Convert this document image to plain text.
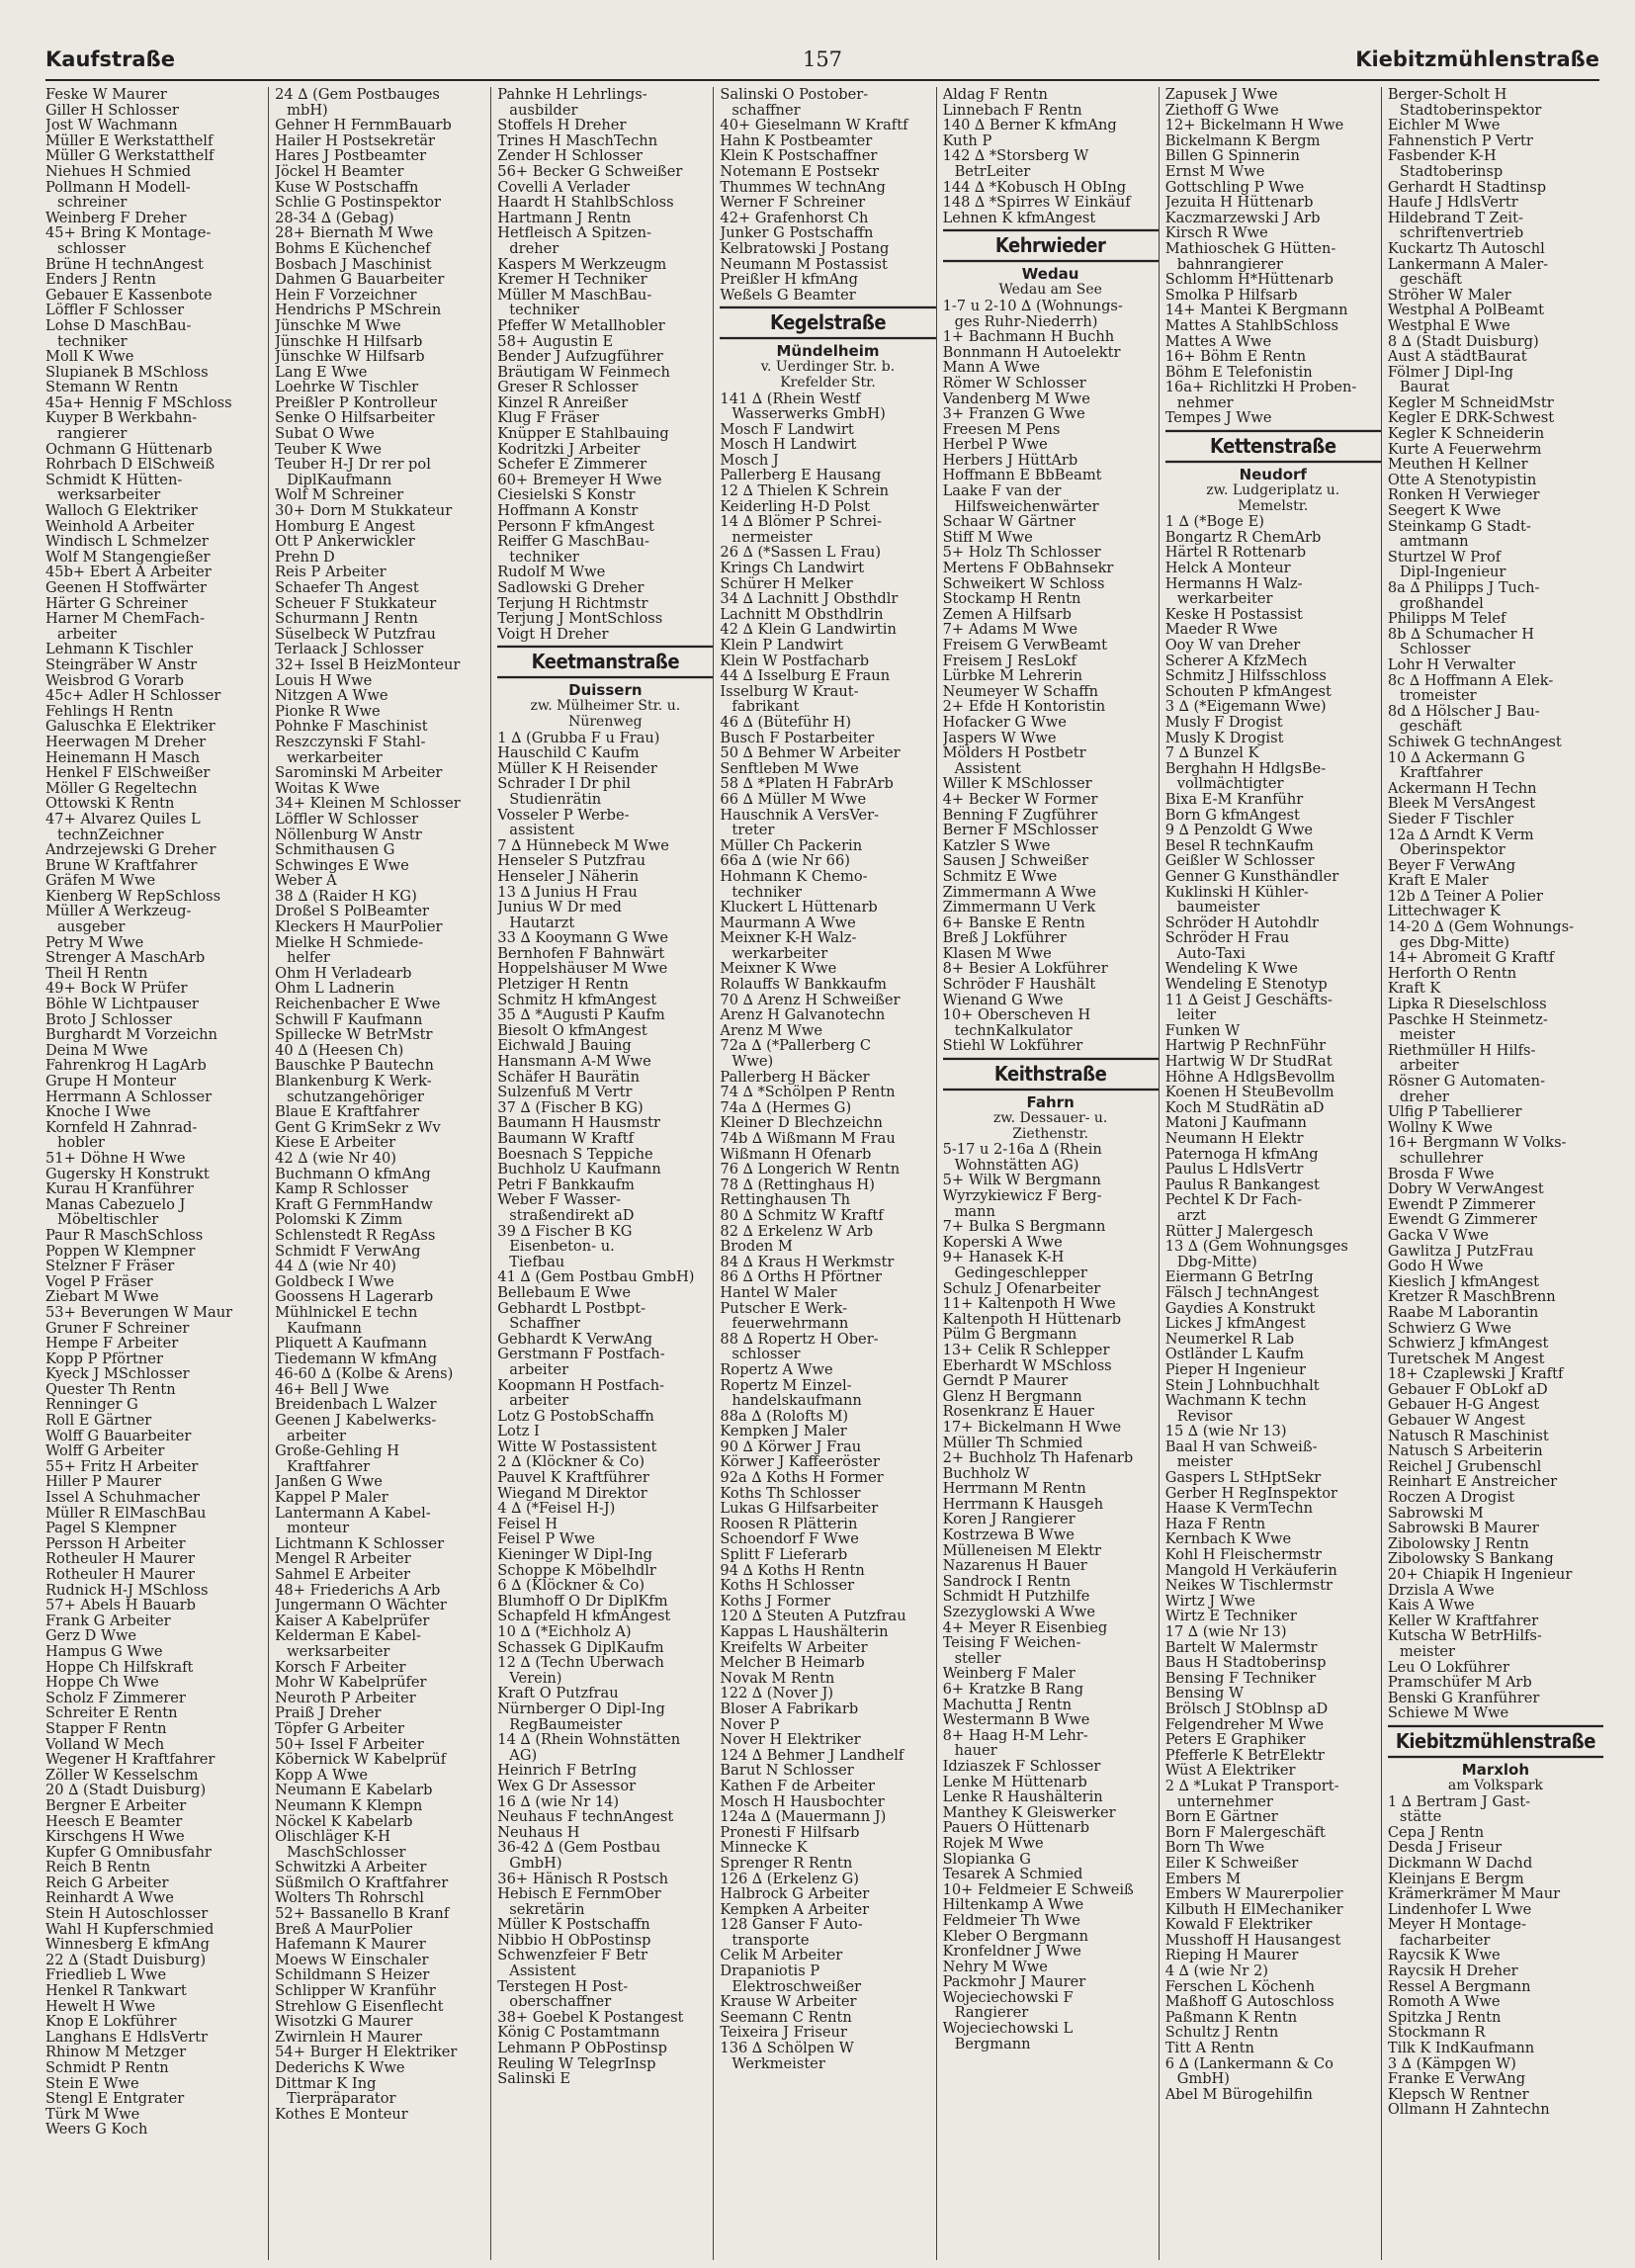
Kaufstraße	157	Kiebitzmühlenstraße
Feske W Maurer
Giller H Schlosser
Jost W Wachmann
Müller E Werkstatthelf
Müller G Werkstatthelf
Niehues H Schmied
Pollmann H Modell-
schreiner
Weinberg F Dreher
45+ Bring K Montage-
schlosser
Brüne H technAngest
Enders J Rentn
Gebauer E Kassenbote
Löffler F Schlosser
Lohse D MaschBau-
techniker
Moll K Wwe
Slupianek B MSchloss
Stemann W Rentn
45a+ Hennig F MSchloss
Kuyper B Werkbahn-
rangierer
Ochmann G Hüttenarb
Rohrbach D ElSchweiß
Schmidt K Hütten-
werksarbeiter
Walloch G Elektriker
Weinhold A Arbeiter
Windisch L Schmelzer
Wolf M Stangengießer
45b+ Ebert A Arbeiter
Geenen H Stoffwärter
Härter G Schreiner
Harner M ChemFach-
arbeiter
Lehmann K Tischler
Steingräber W Anstr
Weisbrod G Vorarb
45c+ Adler H Schlosser
Fehlings H Rentn
Galuschka E Elektriker
Heerwagen M Dreher
Heinemann H Masch
Henkel F ElSchweißer
Möller G Regeltechn
Ottowski K Rentn
47+ Alvarez Quiles L
technZeichner
Andrzejewski G Dreher
Brune W Kraftfahrer
Gräfen M Wwe
Kienberg W RepSchloss
Müller A Werkzeug-
ausgeber
Petry M Wwe
Strenger A MaschArb
Theil H Rentn
49+ Bock W Prüfer
Böhle W Lichtpauser
Broto J Schlosser
Burghardt M Vorzeichn
Deina M Wwe
Fahrenkrog H LagArb
Grupe H Monteur
Herrmann A Schlosser
Knoche I Wwe
Kornfeld H Zahnrad-
hobler
51+ Döhne H Wwe
Gugersky H Konstrukt
Kurau H Kranführer
Manas Cabezuelo J
Möbeltischler
Paur R MaschSchloss
Poppen W Klempner
Stelzner F Fräser
Vogel P Fräser
Ziebart M Wwe
53+ Beverungen W Maur
Gruner F Schreiner
Hempe F Arbeiter
Kopp P Pförtner
Kyeck J MSchlosser
Quester Th Rentn
Renninger G
Roll E Gärtner
Wolff G Bauarbeiter
Wolff G Arbeiter
55+ Fritz H Arbeiter
Hiller P Maurer
Issel A Schuhmacher
Müller R ElMaschBau
Pagel S Klempner
Persson H Arbeiter
Rotheuler H Maurer
Rotheuler H Maurer
Rudnick H-J MSchloss
57+ Abels H Bauarb
Frank G Arbeiter
Gerz D Wwe
Hampus G Wwe
Hoppe Ch Hilfskraft
Hoppe Ch Wwe
Scholz F Zimmerer
Schreiter E Rentn
Stapper F Rentn
Volland W Mech
Wegener H Kraftfahrer
Zöller W Kesselschm
20 ∆ (Stadt Duisburg)
Bergner E Arbeiter
Heesch E Beamter
Kirschgens H Wwe
Kupfer G Omnibusfahr
Reich B Rentn
Reich G Arbeiter
Reinhardt A Wwe
Stein H Autoschlosser
Wahl H Kupferschmied
Winnesberg E kfmAng
22 ∆ (Stadt Duisburg)
Friedlieb L Wwe
Henkel R Tankwart
Hewelt H Wwe
Knop E Lokführer
Langhans E HdlsVertr
Rhinow M Metzger
Schmidt P Rentn
Stein E Wwe
Stengl E Entgrater
Türk M Wwe
Weers G Koch
24 ∆ (Gem Postbauges
mbH)
Gehner H FernmBauarb
Hailer H Postsekretär
Hares J Postbeamter
Jöckel H Beamter
Kuse W Postschaffn
Schlie G Postinspektor
28-34 ∆ (Gebag)
28+ Biernath M Wwe
Bohms E Küchenchef
Bosbach J Maschinist
Dahmen G Bauarbeiter
Hein F Vorzeichner
Hendrichs P MSchrein
Jünschke M Wwe
Jünschke H Hilfsarb
Jünschke W Hilfsarb
Lang E Wwe
Loehrke W Tischler
Preißler P Kontrolleur
Senke O Hilfsarbeiter
Subat O Wwe
Teuber K Wwe
Teuber H-J Dr rer pol
DiplKaufmann
Wolf M Schreiner
30+ Dorn M Stukkateur
Homburg E Angest
Ott P Ankerwickler
Prehn D
Reis P Arbeiter
Schaefer Th Angest
Scheuer F Stukkateur
Schurmann J Rentn
Süselbeck W Putzfrau
Terlaack J Schlosser
32+ Issel B HeizMonteur
Louis H Wwe
Nitzgen A Wwe
Pionke R Wwe
Pohnke F Maschinist
Reszczynski F Stahl-
werkarbeiter
Sarominski M Arbeiter
Woitas K Wwe
34+ Kleinen M Schlosser
Löffler W Schlosser
Nöllenburg W Anstr
Schmithausen G
Schwinges E Wwe
Weber A
38 ∆ (Raider H KG)
Droßel S PolBeamter
Kleckers H MaurPolier
Mielke H Schmiede-
helfer
Ohm H Verladearb
Ohm L Ladnerin
Reichenbacher E Wwe
Schwill F Kaufmann
Spillecke W BetrMstr
40 ∆ (Heesen Ch)
Bauschke P Bautechn
Blankenburg K Werk-
schutzangehöriger
Blaue E Kraftfahrer
Gent G KrimSekr z Wv
Kiese E Arbeiter
42 ∆ (wie Nr 40)
Buchmann O kfmAng
Kamp R Schlosser
Kraft G FernmHandw
Polomski K Zimm
Schlenstedt R RegAss
Schmidt F VerwAng
44 ∆ (wie Nr 40)
Goldbeck I Wwe
Goossens H Lagerarb
Mühlnickel E techn
Kaufmann
Pliquett A Kaufmann
Tiedemann W kfmAng
46-60 ∆ (Kolbe & Arens)
46+ Bell J Wwe
Breidenbach L Walzer
Geenen J Kabelwerks-
arbeiter
Große-Gehling H
Kraftfahrer
Janßen G Wwe
Kappel P Maler
Lantermann A Kabel-
monteur
Lichtmann K Schlosser
Mengel R Arbeiter
Sahmel E Arbeiter
48+ Friederichs A Arb
Jungermann O Wächter
Kaiser A Kabelprüfer
Kelderman E Kabel-
werksarbeiter
Korsch F Arbeiter
Mohr W Kabelprüfer
Neuroth P Arbeiter
Praiß J Dreher
Töpfer G Arbeiter
50+ Issel F Arbeiter
Köbernick W Kabelprüf
Kopp A Wwe
Neumann E Kabelarb
Neumann K Klempn
Nöckel K Kabelarb
Olischläger K-H
MaschSchlosser
Schwitzki A Arbeiter
Süßmilch O Kraftfahrer
Wolters Th Rohrschl
52+ Bassanello B Kranf
Breß A MaurPolier
Hafemann K Maurer
Moews W Einschaler
Schildmann S Heizer
Schlipper W Kranführ
Strehlow G Eisenflecht
Wisotzki G Maurer
Zwirnlein H Maurer
54+ Burger H Elektriker
Dederichs K Wwe
Dittmar K Ing
Tierpräparator
Kothes E Monteur
Pahnke H Lehrlings-
ausbilder
Stoffels H Dreher
Trines H MaschTechn
Zender H Schlosser
56+ Becker G Schweißer
Covelli A Verlader
Haardt H StahlbSchloss
Hartmann J Rentn
Hetfleisch A Spitzen-
dreher
Kaspers M Werkzeugm
Kremer H Techniker
Müller M MaschBau-
techniker
Pfeffer W Metallhobler
58+ Augustin E
Bender J Aufzugführer
Bräutigam W Feinmech
Greser R Schlosser
Kinzel R Anreißer
Klug F Fräser
Knüpper E Stahlbauing
Kodritzki J Arbeiter
Schefer E Zimmerer
60+ Bremeyer H Wwe
Ciesielski S Konstr
Hoffmann A Konstr
Personn F kfmAngest
Reiffer G MaschBau-
techniker
Rudolf M Wwe
Sadlowski G Dreher
Terjung H Richtmstr
Terjung J MontSchloss
Voigt H Dreher
Keetmanstraße
Duissern
zw. Mülheimer Str. u.
Nürenweg
1 ∆ (Grubba F u Frau)
Hauschild C Kaufm
Müller K H Reisender
Schrader I Dr phil
Studienrätin
Vosseler P Werbe-
assistent
7 ∆ Hünnebeck M Wwe
Henseler S Putzfrau
Henseler J Näherin
13 ∆ Junius H Frau
Junius W Dr med
Hautarzt
33 ∆ Kooymann G Wwe
Bernhofen F Bahnwärt
Hoppelshäuser M Wwe
Pletziger H Rentn
Schmitz H kfmAngest
35 ∆ *Augusti P Kaufm
Biesolt O kfmAngest
Eichwald J Bauing
Hansmann A-M Wwe
Schäfer H Baurätin
Sulzenfuß M Vertr
37 ∆ (Fischer B KG)
Baumann H Hausmstr
Baumann W Kraftf
Boesnach S Teppiche
Buchholz U Kaufmann
Petri F Bankkaufm
Weber F Wasser-
straßendirekt aD
39 ∆ Fischer B KG
Eisenbeton- u.
Tiefbau
41 ∆ (Gem Postbau GmbH)
Bellebaum E Wwe
Gebhardt L Postbpt-
Schaffner
Gebhardt K VerwAng
Gerstmann F Postfach-
arbeiter
Koopmann H Postfach-
arbeiter
Lotz G PostobSchaffn
Lotz I
Witte W Postassistent
2 ∆ (Klöckner & Co)
Pauvel K Kraftführer
Wiegand M Direktor
4 ∆ (*Feisel H-J)
Feisel H
Feisel P Wwe
Kieninger W Dipl-Ing
Schoppe K Möbelhdlr
6 ∆ (Klöckner & Co)
Blumhoff O Dr DiplKfm
Schapfeld H kfmAngest
10 ∆ (*Eichholz A)
Schassek G DiplKaufm
12 ∆ (Techn Überwach
Verein)
Kraft O Putzfrau
Nürnberger O Dipl-Ing
RegBaumeister
14 ∆ (Rhein Wohnstätten
AG)
Heinrich F BetrIng
Wex G Dr Assessor
16 ∆ (wie Nr 14)
Neuhaus F technAngest
Neuhaus H
36-42 ∆ (Gem Postbau
GmbH)
36+ Hänisch R Postsch
Hebisch E FernmOber
sekretärin
Müller K Postschaffn
Nibbio H ObPostinsp
Schwenzfeier F Betr
Assistent
Terstegen H Post-
oberschaffner
38+ Goebel K Postangest
König C Postamtmann
Lehmann P ObPostinsp
Reuling W TelegrInsp
Salinski E
Salinski O Postober-
schaffner
40+ Gieselmann W Kraftf
Hahn K Postbeamter
Klein K Postschaffner
Notemann E Postsekr
Thummes W technAng
Werner F Schreiner
42+ Grafenhorst Ch
Junker G Postschaffn
Kelbratowski J Postang
Neumann M Postassist
Preißler H kfmAng
Weßels G Beamter
Kegelstraße
Mündelheim
v. Uerdinger Str. b.
Krefelder Str.
141 ∆ (Rhein Westf
Wasserwerks GmbH)
Mosch F Landwirt
Mosch H Landwirt
Mosch J
Pallerberg E Hausang
12 ∆ Thielen K Schrein
Keiderling H-D Polst
14 ∆ Blömer P Schrei-
nermeister
26 ∆ (*Sassen L Frau)
Krings Ch Landwirt
Schürer H Melker
34 ∆ Lachnitt J Obsthdlr
Lachnitt M Obsthdlrin
42 ∆ Klein G Landwirtin
Klein P Landwirt
Klein W Postfacharb
44 ∆ Isselburg E Fraun
Isselburg W Kraut-
fabrikant
46 ∆ (Büteführ H)
Busch F Postarbeiter
50 ∆ Behmer W Arbeiter
Senftleben M Wwe
58 ∆ *Platen H FabrArb
66 ∆ Müller M Wwe
Hauschnik A VersVer-
treter
Müller Ch Packerin
66a ∆ (wie Nr 66)
Hohmann K Chemo-
techniker
Kluckert L Hüttenarb
Maurmann A Wwe
Meixner K-H Walz-
werkarbeiter
Meixner K Wwe
Rolauffs W Bankkaufm
70 ∆ Arenz H Schweißer
Arenz H Galvanotechn
Arenz M Wwe
72a ∆ (*Pallerberg C
Wwe)
Pallerberg H Bäcker
74 ∆ *Schölpen P Rentn
74a ∆ (Hermes G)
Kleiner D Blechzeichn
74b ∆ Wißmann M Frau
Wißmann H Ofenarb
76 ∆ Longerich W Rentn
78 ∆ (Rettinghaus H)
Rettinghausen Th
80 ∆ Schmitz W Kraftf
82 ∆ Erkelenz W Arb
Broden M
84 ∆ Kraus H Werkmstr
86 ∆ Orths H Pförtner
Hantel W Maler
Putscher E Werk-
feuerwehrmann
88 ∆ Ropertz H Ober-
schlosser
Ropertz A Wwe
Ropertz M Einzel-
handelskaufmann
88a ∆ (Rolofts M)
Kempken J Maler
90 ∆ Körwer J Frau
Körwer J Kaffeeröster
92a ∆ Koths H Former
Koths Th Schlosser
Lukas G Hilfsarbeiter
Roosen R Plätterin
Schoendorf F Wwe
Splitt F Lieferarb
94 ∆ Koths H Rentn
Koths H Schlosser
Koths J Former
120 ∆ Steuten A Putzfrau
Kappas L Haushälterin
Kreifelts W Arbeiter
Melcher B Heimarb
Novak M Rentn
122 ∆ (Nover J)
Bloser A Fabrikarb
Nover P
Nover H Elektriker
124 ∆ Behmer J Landhelf
Barut N Schlosser
Kathen F de Arbeiter
Mosch H Hausbochter
124a ∆ (Mauermann J)
Pronesti F Hilfsarb
Minnecke K
Sprenger R Rentn
126 ∆ (Erkelenz G)
Halbrock G Arbeiter
Kempken A Arbeiter
128 Ganser F Auto-
transporte
Celik M Arbeiter
Drapaniotis P
Elektroschweißer
Krause W Arbeiter
Seemann C Rentn
Teixeira J Friseur
136 ∆ Schölpen W
Werkmeister
Aldag F Rentn
Linnebach F Rentn
140 ∆ Berner K kfmAng
Kuth P
142 ∆ *Storsberg W
BetrLeiter
144 ∆ *Kobusch H ObIng
148 ∆ *Spirres W Einkäuf
Lehnen K kfmAngest
Kehrwieder
Wedau
Wedau am See
1-7 u 2-10 ∆ (Wohnungs-
ges Ruhr-Niederrh)
1+ Bachmann H Buchh
Bonnmann H Autoelektr
Mann A Wwe
Römer W Schlosser
Vandenberg M Wwe
3+ Franzen G Wwe
Freesen M Pens
Herbel P Wwe
Herbers J HüttArb
Hoffmann E BbBeamt
Laake F van der
Hilfsweichenwärter
Schaar W Gärtner
Stiff M Wwe
5+ Holz Th Schlosser
Mertens F ObBahnsekr
Schweikert W Schloss
Stockamp H Rentn
Zemen A Hilfsarb
7+ Adams M Wwe
Freisem G VerwBeamt
Freisem J ResLokf
Lürbke M Lehrerin
Neumeyer W Schaffn
2+ Efde H Kontoristin
Hofacker G Wwe
Jaspers W Wwe
Mölders H Postbetr
Assistent
Willer K MSchlosser
4+ Becker W Former
Benning F Zugführer
Berner F MSchlosser
Katzler S Wwe
Sausen J Schweißer
Schmitz E Wwe
Zimmermann A Wwe
Zimmermann U Verk
6+ Banske E Rentn
Breß J Lokführer
Klasen M Wwe
8+ Besier A Lokführer
Schröder F Haushält
Wienand G Wwe
10+ Oberscheven H
technKalkulator
Stiehl W Lokführer
Keithstraße
Fahrn
zw. Dessauer- u.
Ziethenstr.
5-17 u 2-16a ∆ (Rhein
Wohnstätten AG)
5+ Wilk W Bergmann
Wyrzykiewicz F Berg-
mann
7+ Bulka S Bergmann
Koperski A Wwe
9+ Hanasek K-H
Gedingeschlepper
Schulz J Ofenarbeiter
11+ Kaltenpoth H Wwe
Kaltenpoth H Hüttenarb
Pülm G Bergmann
13+ Celik R Schlepper
Eberhardt W MSchloss
Gerndt P Maurer
Glenz H Bergmann
Rosenkranz E Hauer
17+ Bickelmann H Wwe
Müller Th Schmied
2+ Buchholz Th Hafenarb
Buchholz W
Herrmann M Rentn
Herrmann K Hausgeh
Koren J Rangierer
Kostrzewa B Wwe
Mülleneisen M Elektr
Nazarenus H Bauer
Sandrock I Rentn
Schmidt H Putzhilfe
Szezyglowski A Wwe
4+ Meyer R Eisenbieg
Teising F Weichen-
steller
Weinberg F Maler
6+ Kratzke B Rang
Machutta J Rentn
Westermann B Wwe
8+ Haag H-M Lehr-
hauer
Idziaszek F Schlosser
Lenke M Hüttenarb
Lenke R Haushälterin
Manthey K Gleiswerker
Pauers O Hüttenarb
Rojek M Wwe
Slopianka G
Tesarek A Schmied
10+ Feldmeier E Schweiß
Hiltenkamp A Wwe
Feldmeier Th Wwe
Kleber O Bergmann
Kronfeldner J Wwe
Nehry M Wwe
Packmohr J Maurer
Wojeciechowski F
Rangierer
Wojeciechowski L
Bergmann
Zapusek J Wwe
Ziethoff G Wwe
12+ Bickelmann H Wwe
Bickelmann K Bergm
Billen G Spinnerin
Ernst M Wwe
Gottschling P Wwe
Jezuita H Hüttenarb
Kaczmarzewski J Arb
Kirsch R Wwe
Mathioschek G Hütten-
bahnrangierer
Schlomm H*Hüttenarb
Smolka P Hilfsarb
14+ Mantei K Bergmann
Mattes A StahlbSchloss
Mattes A Wwe
16+ Böhm E Rentn
Böhm E Telefonistin
16a+ Richlitzki H Proben-
nehmer
Tempes J Wwe
Kettenstraße
Neudorf
zw. Ludgeriplatz u.
Memelstr.
1 ∆ (*Boge E)
Bongartz R ChemArb
Härtel R Rottenarb
Helck A Monteur
Hermanns H Walz-
werkarbeiter
Keske H Postassist
Maeder R Wwe
Ooy W van Dreher
Scherer A KfzMech
Schmitz J Hilfsschloss
Schouten P kfmAngest
3 ∆ (*Eigemann Wwe)
Musly F Drogist
Musly K Drogist
7 ∆ Bunzel K
Berghahn H HdlgsBe-
vollmächtigter
Bixa E-M Kranführ
Born G kfmAngest
9 ∆ Penzoldt G Wwe
Besel R technKaufm
Geißler W Schlosser
Genner G Kunsthändler
Kuklinski H Kühler-
baumeister
Schröder H Autohdlr
Schröder H Frau
Auto-Taxi
Wendeling K Wwe
Wendeling E Stenotyp
11 ∆ Geist J Geschäfts-
leiter
Funken W
Hartwig P RechnFühr
Hartwig W Dr StudRat
Höhne A HdlgsBevollm
Koenen H SteuBevollm
Koch M StudRätin aD
Matoni J Kaufmann
Neumann H Elektr
Paternoga H kfmAng
Paulus L HdlsVertr
Paulus R Bankangest
Pechtel K Dr Fach-
arzt
Rütter J Malergesch
13 ∆ (Gem Wohnungsges
Dbg-Mitte)
Eiermann G BetrIng
Fälsch J technAngest
Gaydies A Konstrukt
Lickes J kfmAngest
Neumerkel R Lab
Östländer L Kaufm
Pieper H Ingenieur
Stein J Lohnbuchhalt
Wachmann K techn
Revisor
15 ∆ (wie Nr 13)
Baal H van Schweiß-
meister
Gaspers L StHptSekr
Gerber H RegInspektor
Haase K VermTechn
Haza F Rentn
Kernbach K Wwe
Kohl H Fleischermstr
Mangold H Verkäuferin
Neikes W Tischlermstr
Wirtz J Wwe
Wirtz E Techniker
17 ∆ (wie Nr 13)
Bartelt W Malermstr
Baus H Stadtoberinsp
Bensing F Techniker
Bensing W
Brölsch J StOblnsp aD
Felgendreher M Wwe
Peters E Graphiker
Pfefferle K BetrElektr
Wüst A Elektriker
2 ∆ *Lukat P Transport-
unternehmer
Born E Gärtner
Born F Malergeschäft
Born Th Wwe
Eiler K Schweißer
Embers M
Embers W Maurerpolier
Kilbuth H ElMechaniker
Kowald F Elektriker
Musshoff H Hausangest
Rieping H Maurer
4 ∆ (wie Nr 2)
Ferschen L Köchenh
Maßhoff G Autoschloss
Paßmann K Rentn
Schultz J Rentn
Titt A Rentn
6 ∆ (Lankermann & Co
GmbH)
Abel M Bürogehilfin
Berger-Scholt H
Stadtoberinspektor
Eichler M Wwe
Fahnenstich P Vertr
Fasbender K-H
Stadtoberinsp
Gerhardt H Stadtinsp
Haufe J HdlsVertr
Hildebrand T Zeit-
schriftenvertrieb
Kuckartz Th Autoschl
Lankermann A Maler-
geschäft
Ströher W Maler
Westphal A PolBeamt
Westphal E Wwe
8 ∆ (Stadt Duisburg)
Aust A städtBaurat
Fölmer J Dipl-Ing
Baurat
Kegler M SchneidMstr
Kegler E DRK-Schwest
Kegler K Schneiderin
Kurte A Feuerwehrm
Meuthen H Kellner
Otte A Stenotypistin
Ronken H Verwieger
Seegert K Wwe
Steinkamp G Stadt-
amtmann
Sturtzel W Prof
Dipl-Ingenieur
8a ∆ Philipps J Tuch-
großhandel
Philipps M Telef
8b ∆ Schumacher H
Schlosser
Lohr H Verwalter
8c ∆ Hoffmann A Elek-
tromeister
8d ∆ Hölscher J Bau-
geschäft
Schiwek G technAngest
10 ∆ Ackermann G
Kraftfahrer
Ackermann H Techn
Bleek M VersAngest
Sieder F Tischler
12a ∆ Arndt K Verm
Oberinspektor
Beyer F VerwAng
Kraft E Maler
12b ∆ Teiner A Polier
Littechwager K
14-20 ∆ (Gem Wohnungs-
ges Dbg-Mitte)
14+ Abromeit G Kraftf
Herforth O Rentn
Kraft K
Lipka R Dieselschloss
Paschke H Steinmetz-
meister
Riethmüller H Hilfs-
arbeiter
Rösner G Automaten-
dreher
Ulfig P Tabellierer
Wollny K Wwe
16+ Bergmann W Volks-
schullehrer
Brosda F Wwe
Dobry W VerwAngest
Ewendt P Zimmerer
Ewendt G Zimmerer
Gacka V Wwe
Gawlitza J PutzFrau
Godo H Wwe
Kieslich J kfmAngest
Kretzer R MaschBrenn
Raabe M Laborantin
Schwierz G Wwe
Schwierz J kfmAngest
Turetschek M Angest
18+ Czaplewski J Kraftf
Gebauer F ObLokf aD
Gebauer H-G Angest
Gebauer W Angest
Natusch R Maschinist
Natusch S Arbeiterin
Reichel J Grubenschl
Reinhart E Anstreicher
Roczen A Drogist
Sabrowski M
Sabrowski B Maurer
Zibolowsky J Rentn
Zibolowsky S Bankang
20+ Chiapik H Ingenieur
Drzisla A Wwe
Kais A Wwe
Keller W Kraftfahrer
Kutscha W BetrHilfs-
meister
Leu O Lokführer
Pramschüfer M Arb
Benski G Kranführer
Schiewe M Wwe
Kiebitzmühlenstraße
Marxloh
am Volkspark
1 ∆ Bertram J Gast-
stätte
Cepa J Rentn
Desda J Friseur
Dickmann W Dachd
Kleinjans E Bergm
Krämerkrämer M Maur
Lindenhofer L Wwe
Meyer H Montage-
facharbeiter
Raycsik K Wwe
Raycsik H Dreher
Ressel A Bergmann
Romoth A Wwe
Spitzka J Rentn
Stockmann R
Tilk K IndKaufmann
3 ∆ (Kämpgen W)
Franke E VerwAng
Klepsch W Rentner
Ollmann H Zahntechn
